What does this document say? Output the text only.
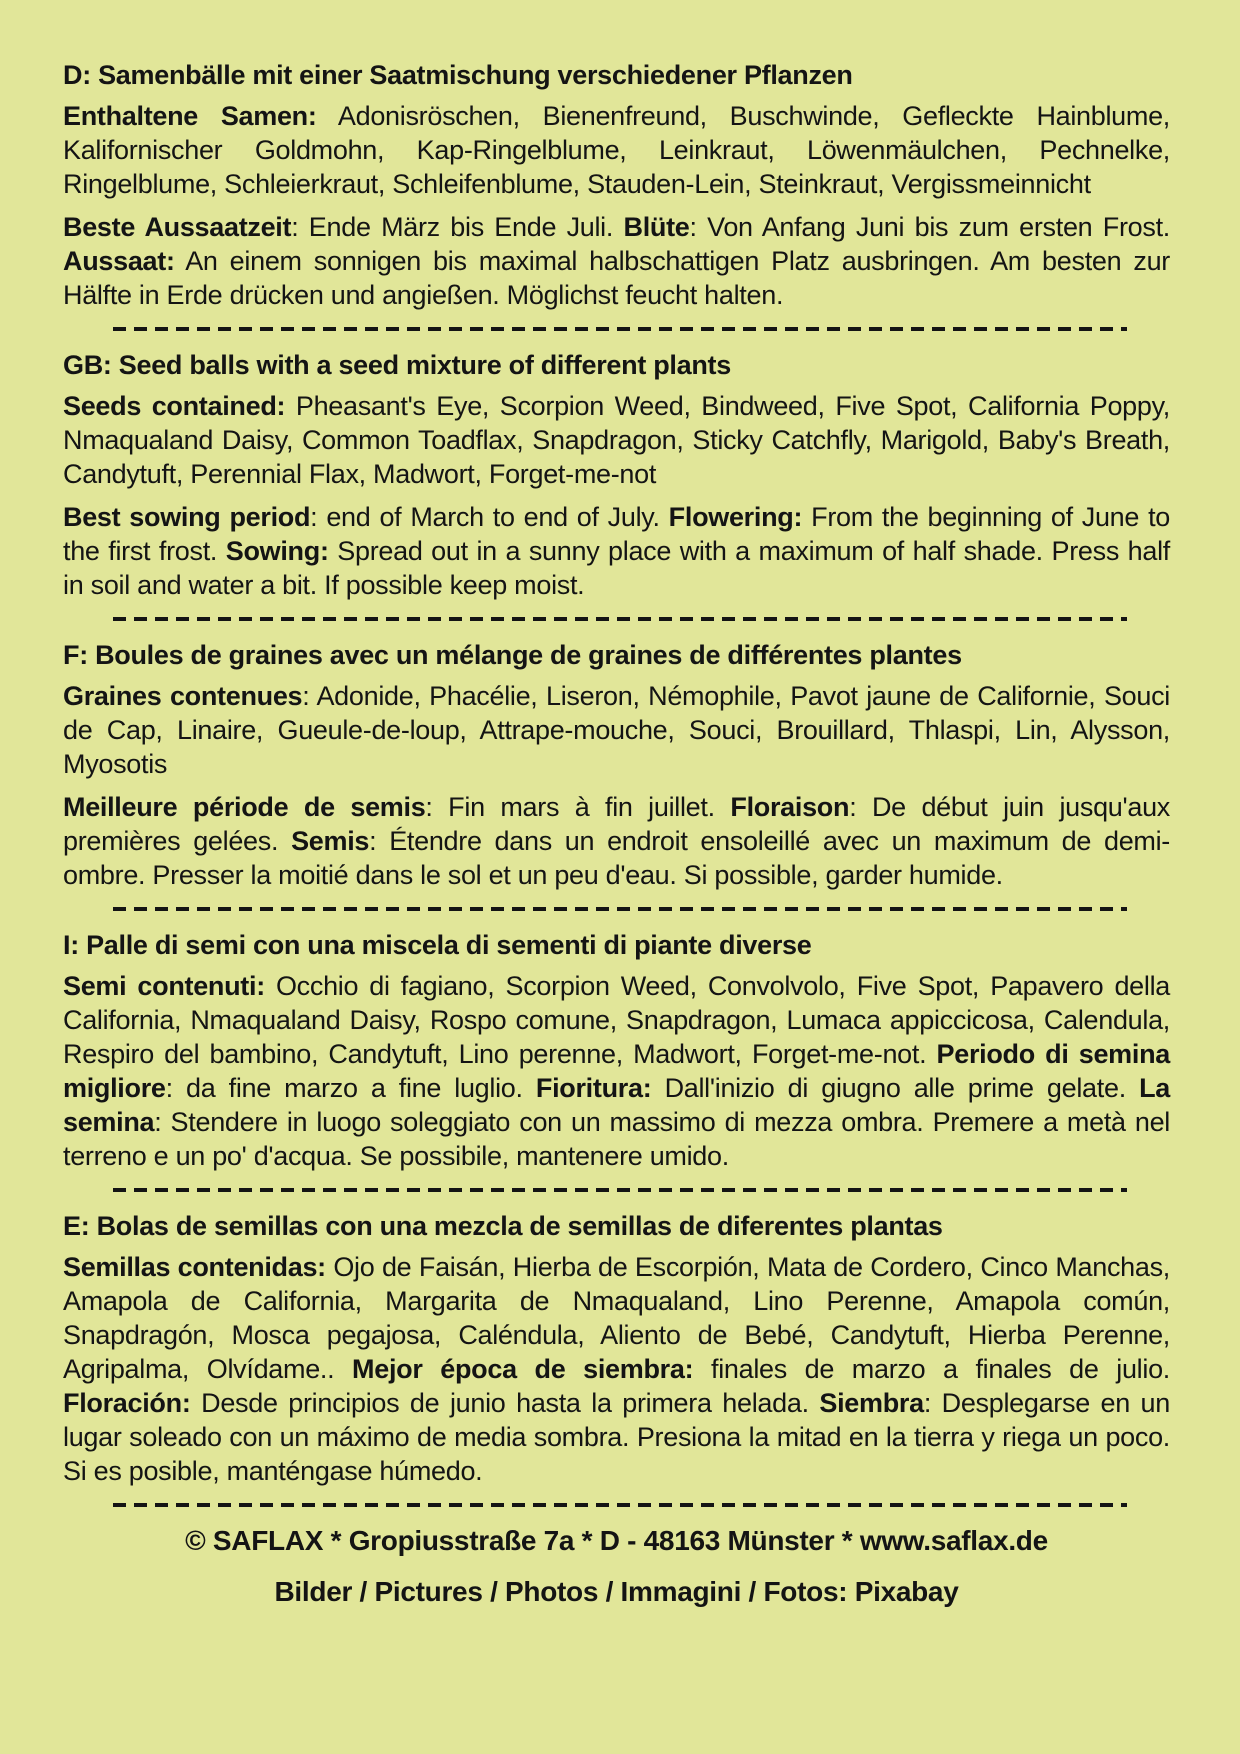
D: Samenbälle mit einer Saatmischung verschiedener Pflanzen

Enthaltene Samen: Adonisröschen, Bienenfreund, Buschwinde, Gefleckte Hainblume, Kalifornischer Goldmohn, Kap-Ringelblume, Leinkraut, Löwenmäulchen, Pechnelke, Ringelblume, Schleierkraut, Schleifenblume, Stauden-Lein, Steinkraut, Vergissmeinnicht

Beste Aussaatzeit: Ende März bis Ende Juli. Blüte: Von Anfang Juni bis zum ersten Frost. Aussaat: An einem sonnigen bis maximal halbschattigen Platz ausbringen. Am besten zur Hälfte in Erde drücken und angießen. Möglichst feucht halten.

GB: Seed balls with a seed mixture of different plants

Seeds contained: Pheasant's Eye, Scorpion Weed, Bindweed, Five Spot, California Poppy, Nmaqualand Daisy, Common Toadflax, Snapdragon, Sticky Catchfly, Marigold, Baby's Breath, Candytuft, Perennial Flax, Madwort, Forget-me-not

Best sowing period: end of March to end of July. Flowering: From the beginning of June to the first frost. Sowing: Spread out in a sunny place with a maximum of half shade. Press half in soil and water a bit. If possible keep moist.

F: Boules de graines avec un mélange de graines de différentes plantes

Graines contenues: Adonide, Phacélie, Liseron, Némophile, Pavot jaune de Californie, Souci de Cap, Linaire, Gueule-de-loup, Attrape-mouche, Souci, Brouillard, Thlaspi, Lin, Alysson, Myosotis

Meilleure période de semis: Fin mars à fin juillet. Floraison: De début juin jusqu'aux premières gelées. Semis: Étendre dans un endroit ensoleillé avec un maximum de demi-ombre. Presser la moitié dans le sol et un peu d'eau. Si possible, garder humide.

I: Palle di semi con una miscela di sementi di piante diverse

Semi contenuti: Occhio di fagiano, Scorpion Weed, Convolvolo, Five Spot, Papavero della California, Nmaqualand Daisy, Rospo comune, Snapdragon, Lumaca appiccicosa, Calendula, Respiro del bambino, Candytuft, Lino perenne, Madwort, Forget-me-not. Periodo di semina migliore: da fine marzo a fine luglio. Fioritura: Dall'inizio di giugno alle prime gelate. La semina: Stendere in luogo soleggiato con un massimo di mezza ombra. Premere a metà nel terreno e un po' d'acqua. Se possibile, mantenere umido.

E: Bolas de semillas con una mezcla de semillas de diferentes plantas

Semillas contenidas: Ojo de Faisán, Hierba de Escorpión, Mata de Cordero, Cinco Manchas, Amapola de California, Margarita de Nmaqualand, Lino Perenne, Amapola común, Snapdragón, Mosca pegajosa, Caléndula, Aliento de Bebé, Candytuft, Hierba Perenne, Agripalma, Olvídame.. Mejor época de siembra: finales de marzo a finales de julio. Floración: Desde principios de junio hasta la primera helada. Siembra: Desplegarse en un lugar soleado con un máximo de media sombra. Presiona la mitad en la tierra y riega un poco. Si es posible, manténgase húmedo.

© SAFLAX * Gropiusstraße 7a * D - 48163 Münster * www.saflax.de
Bilder / Pictures / Photos / Immagini / Fotos: Pixabay
